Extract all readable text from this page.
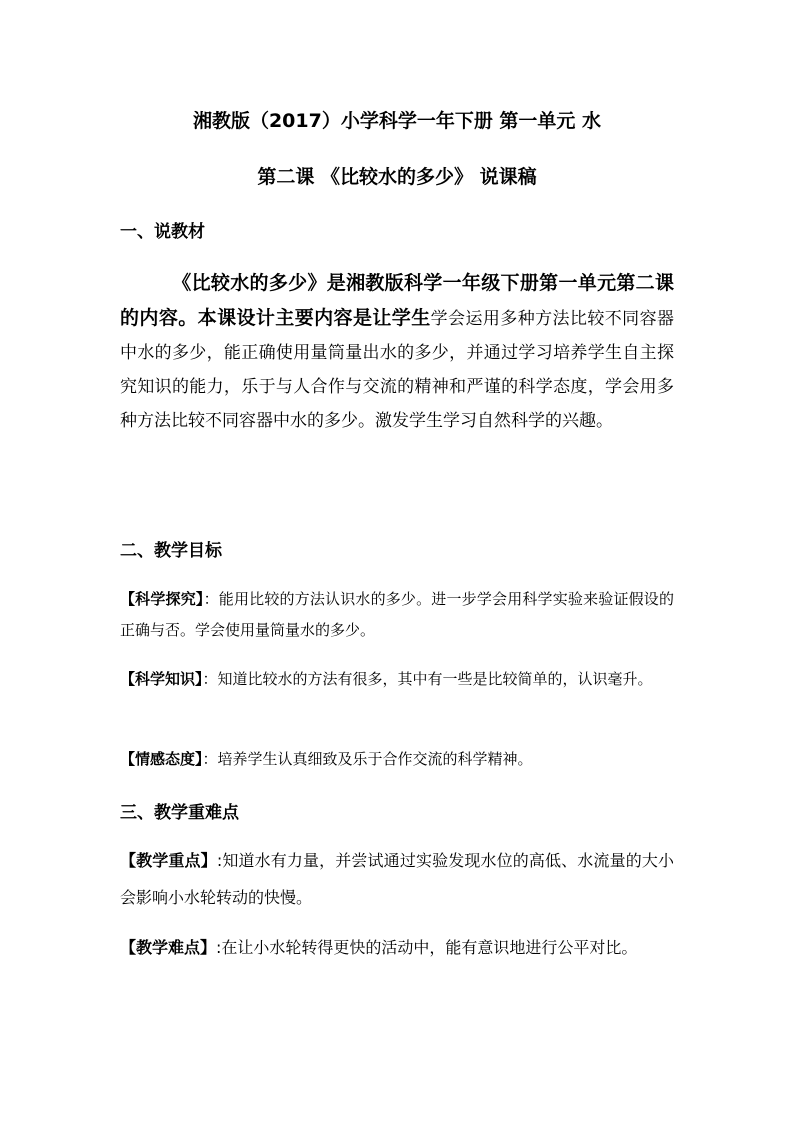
湘教版（2017）小学科学一年下册 第一单元 水
第二课 《比较水的多少》 说课稿
一、说教材
《比较水的多少》是湘教版科学一年级下册第一单元第二课的内容。本课设计主要内容是让学生学会运用多种方法比较不同容器中水的多少，能正确使用量筒量出水的多少，并通过学习培养学生自主探究知识的能力，乐于与人合作与交流的精神和严谨的科学态度，学会用多种方法比较不同容器中水的多少。激发学生学习自然科学的兴趣。
二、教学目标
【科学探究】：能用比较的方法认识水的多少。进一步学会用科学实验来验证假设的正确与否。学会使用量筒量水的多少。
【科学知识】：知道比较水的方法有很多，其中有一些是比较简单的，认识毫升。
【情感态度】：培养学生认真细致及乐于合作交流的科学精神。
三、教学重难点
【教学重点】:知道水有力量，并尝试通过实验发现水位的高低、水流量的大小会影响小水轮转动的快慢。
【教学难点】:在让小水轮转得更快的活动中，能有意识地进行公平对比。
